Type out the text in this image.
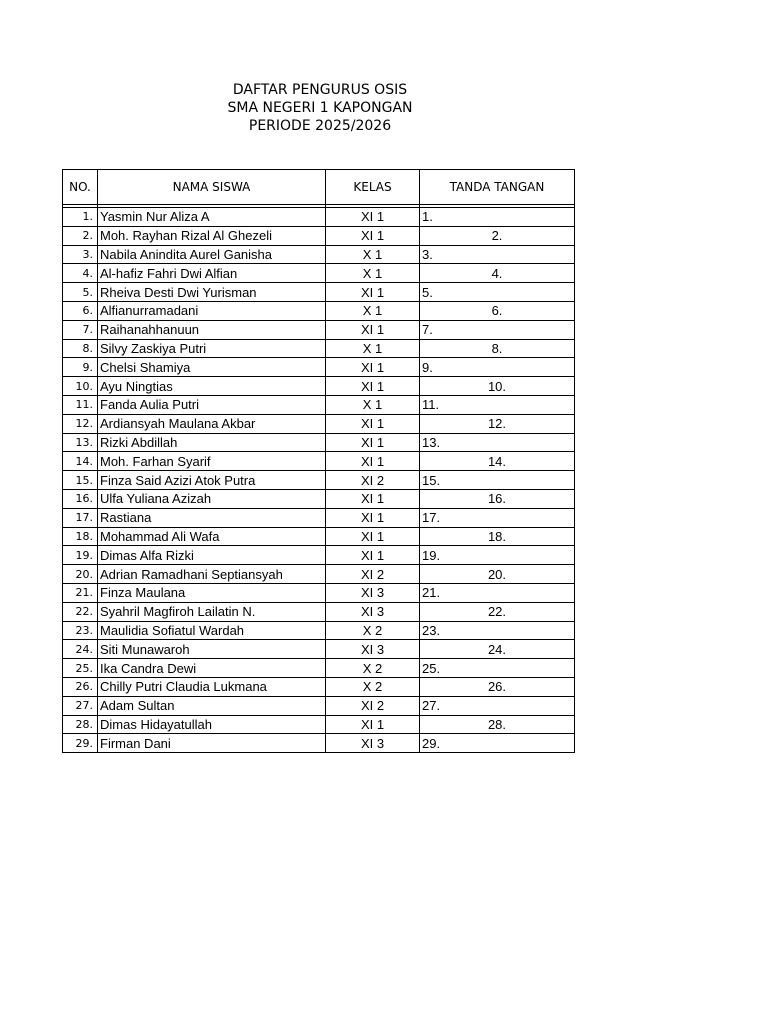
DAFTAR PENGURUS OSIS
SMA NEGERI 1 KAPONGAN
PERIODE 2025/2026
NO.	NAMA SISWA	KELAS	TANDA TANGAN

1.	Yasmin Nur Aliza A	XI 1	1.
2.	Moh. Rayhan Rizal Al Ghezeli	XI 1	2.
3.	Nabila Anindita Aurel Ganisha	X 1	3.
4.	Al-hafiz Fahri Dwi Alfian	X 1	4.
5.	Rheiva Desti Dwi Yurisman	XI 1	5.
6.	Alfianurramadani	X 1	6.
7.	Raihanahhanuun	XI 1	7.
8.	Silvy Zaskiya Putri	X 1	8.
9.	Chelsi Shamiya	XI 1	9.
10.	Ayu Ningtias	XI 1	10.
11.	Fanda Aulia Putri	X 1	11.
12.	Ardiansyah Maulana Akbar	XI 1	12.
13.	Rizki Abdillah	XI 1	13.
14.	Moh. Farhan Syarif	XI 1	14.
15.	Finza Said Azizi Atok Putra	XI 2	15.
16.	Ulfa Yuliana Azizah	XI 1	16.
17.	Rastiana	XI 1	17.
18.	Mohammad Ali Wafa	XI 1	18.
19.	Dimas Alfa Rizki	XI 1	19.
20.	Adrian Ramadhani Septiansyah	XI 2	20.
21.	Finza Maulana	XI 3	21.
22.	Syahril Magfiroh Lailatin N.	XI 3	22.
23.	Maulidia Sofiatul Wardah	X 2	23.
24.	Siti Munawaroh	XI 3	24.
25.	Ika Candra Dewi	X 2	25.
26.	Chilly Putri Claudia Lukmana	X 2	26.
27.	Adam Sultan	XI 2	27.
28.	Dimas Hidayatullah	XI 1	28.
29.	Firman Dani	XI 3	29.
